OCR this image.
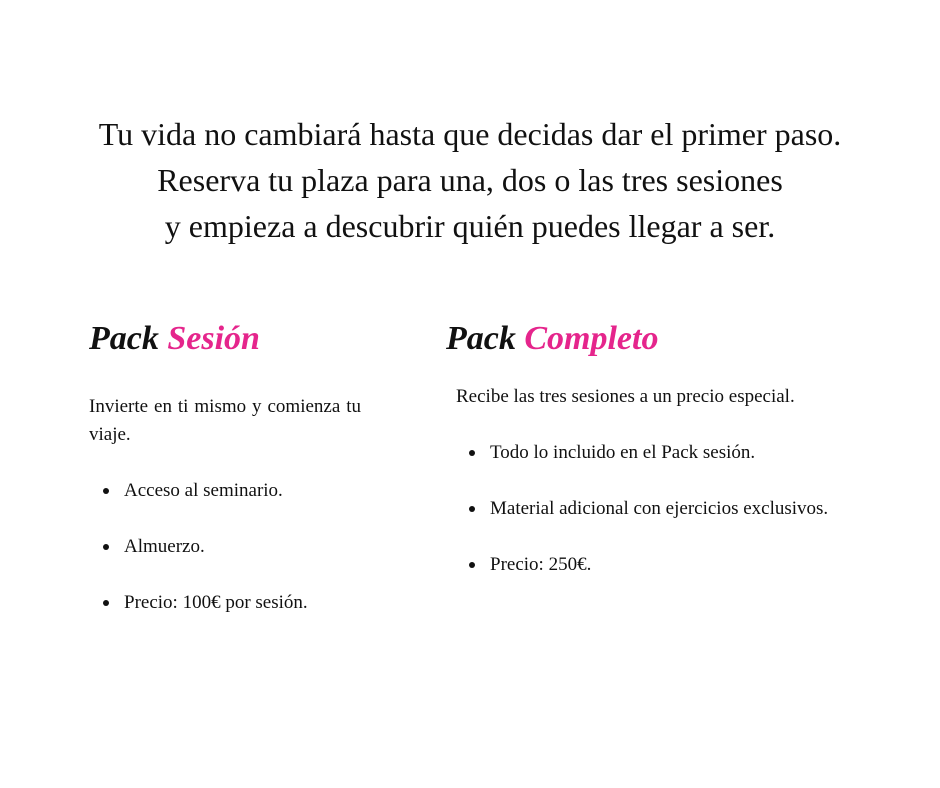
Tu vida no cambiará hasta que decidas dar el primer paso.
Reserva tu plaza para una, dos o las tres sesiones
y empieza a descubrir quién puedes llegar a ser.
Pack Sesión

Invierte en ti mismo y comienza tu viaje.

Acceso al seminario.
Almuerzo.
Precio: 100€ por sesión.
Pack Completo

Recibe las tres sesiones a un precio especial.

Todo lo incluido en el Pack sesión.
Material adicional con ejercicios exclusivos.
Precio: 250€.
